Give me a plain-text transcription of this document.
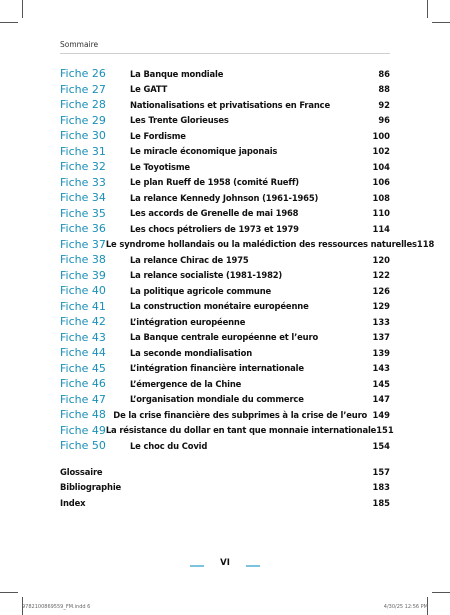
Sommaire
Fiche 26	La Banque mondiale	86
Fiche 27	Le GATT	88
Fiche 28	Nationalisations et privatisations en France	92
Fiche 29	Les Trente Glorieuses	96
Fiche 30	Le Fordisme	100
Fiche 31	Le miracle économique japonais	102
Fiche 32	Le Toyotisme	104
Fiche 33	Le plan Rueff de 1958 (comité Rueff)	106
Fiche 34	La relance Kennedy Johnson (1961-1965)	108
Fiche 35	Les accords de Grenelle de mai 1968	110
Fiche 36	Les chocs pétroliers de 1973 et 1979	114
Fiche 37 Le syndrome hollandais ou la malédiction des ressources naturelles 118
Fiche 38	La relance Chirac de 1975	120
Fiche 39	La relance socialiste (1981-1982)	122
Fiche 40	La politique agricole commune	126
Fiche 41	La construction monétaire européenne	129
Fiche 42	L’intégration européenne	133
Fiche 43	La Banque centrale européenne et l’euro	137
Fiche 44	La seconde mondialisation	139
Fiche 45	L’intégration financière internationale	143
Fiche 46	L’émergence de la Chine	145
Fiche 47	L’organisation mondiale du commerce	147
Fiche 48 De la crise financière des subprimes à la crise de l’euro 149
Fiche 49 La résistance du dollar en tant que monnaie internationale 151
Fiche 50	Le choc du Covid	154
Glossaire	157
Bibliographie	183
Index	185
VI
9782100869559_FM.indd 6	4/30/25 12:56 PM
